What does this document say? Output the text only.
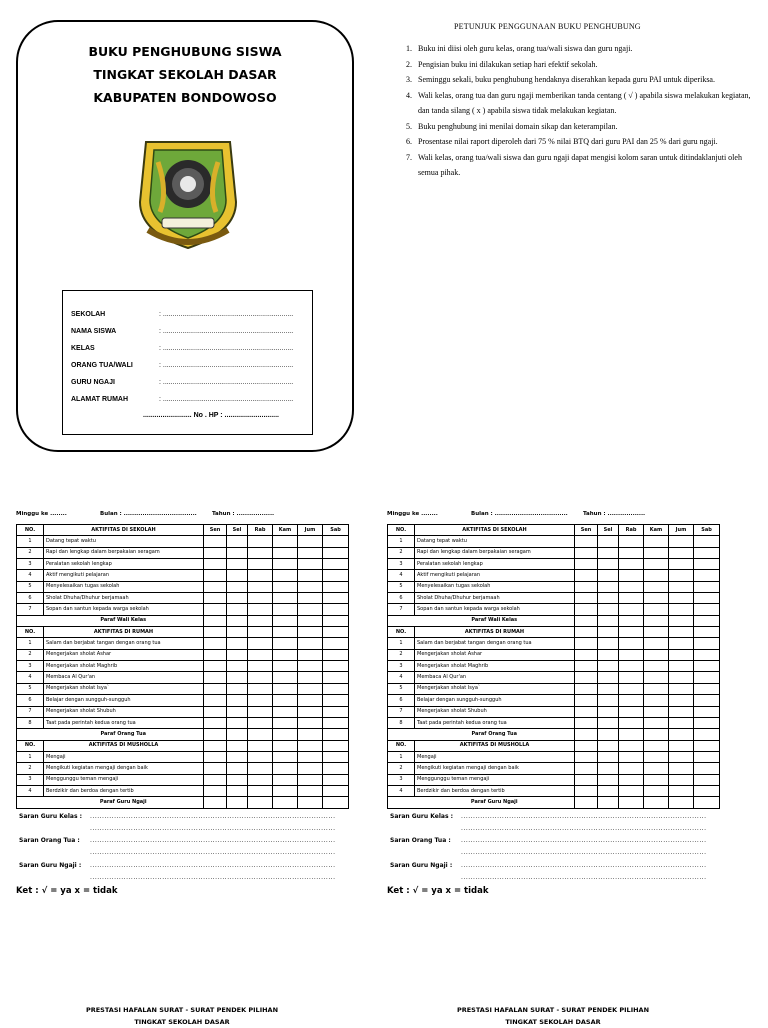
BUKU PENGHUBUNG SISWA
TINGKAT SEKOLAH DASAR
KABUPATEN BONDOWOSO
SEKOLAH	: ...................................................................
NAMA SISWA	: ...................................................................
KELAS	: ...................................................................
ORANG TUA/WALI	: ...................................................................
GURU NGAJI	: ...................................................................
ALAMAT RUMAH	: ...................................................................
......................... No . HP : ............................
PETUNJUK PENGGUNAAN BUKU PENGHUBUNG
1. Buku ini diisi oleh guru kelas, orang tua/wali siswa dan guru ngaji.
2. Pengisian buku ini dilakukan setiap hari efektif sekolah.
3. Seminggu sekali, buku penghubung hendaknya diserahkan kepada guru PAI untuk diperiksa.
4. Wali kelas, orang tua dan guru ngaji memberikan tanda centang ( √ ) apabila siswa melakukan kegiatan, dan tanda silang ( x ) apabila siswa tidak melakukan kegiatan.
5. Buku penghubung ini menilai domain sikap dan keterampilan.
6. Prosentase nilai raport diperoleh dari 75 % nilai BTQ dari guru PAI dan 25 % dari guru ngaji.
7. Wali kelas, orang tua/wali siswa dan guru ngaji dapat mengisi kolom saran untuk ditindaklanjuti oleh semua pihak.
Minggu ke ........	Bulan : ...................................	Tahun : ..................
NO.	AKTIFITAS DI SEKOLAH	Sen	Sel	Rab	Kam	Jum	Sab
1	Datang tepat waktu						
2	Rapi dan lengkap dalam berpakaian seragam						
3	Peralatan sekolah lengkap						
4	Aktif mengikuti pelajaran						
5	Menyelesaikan tugas sekolah						
6	Sholat Dhuha/Dhuhur berjamaah						
7	Sopan dan santun kepada warga sekolah						
	Paraf Wali Kelas						
NO.	AKTIFITAS DI RUMAH						
1	Salam dan berjabat tangan dengan orang tua						
2	Mengerjakan sholat Ashar						
3	Mengerjakan sholat Maghrib						
4	Membaca Al Qur'an						
5	Mengerjakan sholat Isya`						
6	Belajar dengan sungguh-sungguh						
7	Mengerjakan sholat Shubuh						
8	Taat pada perintah kedua orang tua						
	Paraf Orang Tua						
NO.	AKTIFITAS DI MUSHOLLA						
1	Mengaji						
2	Mengikuti kegiatan mengaji dengan baik						
3	Menggunggu teman mengaji						
4	Berdzikir dan berdoa dengan tertib						
	Paraf Guru Ngaji						
Saran Guru Kelas : ......................................................................................................
......................................................................................................
Saran Orang Tua : ......................................................................................................
......................................................................................................
Saran Guru Ngaji : ......................................................................................................
......................................................................................................
Ket : √ = ya x = tidak
Minggu ke ........	Bulan : ...................................	Tahun : ..................
NO.	AKTIFITAS DI SEKOLAH	Sen	Sel	Rab	Kam	Jum	Sab
1	Datang tepat waktu						
2	Rapi dan lengkap dalam berpakaian seragam						
3	Peralatan sekolah lengkap						
4	Aktif mengikuti pelajaran						
5	Menyelesaikan tugas sekolah						
6	Sholat Dhuha/Dhuhur berjamaah						
7	Sopan dan santun kepada warga sekolah						
	Paraf Wali Kelas						
NO.	AKTIFITAS DI RUMAH						
1	Salam dan berjabat tangan dengan orang tua						
2	Mengerjakan sholat Ashar						
3	Mengerjakan sholat Maghrib						
4	Membaca Al Qur'an						
5	Mengerjakan sholat Isya`						
6	Belajar dengan sungguh-sungguh						
7	Mengerjakan sholat Shubuh						
8	Taat pada perintah kedua orang tua						
	Paraf Orang Tua						
NO.	AKTIFITAS DI MUSHOLLA						
1	Mengaji						
2	Mengikuti kegiatan mengaji dengan baik						
3	Menggunggu teman mengaji						
4	Berdzikir dan berdoa dengan tertib						
	Paraf Guru Ngaji						
Saran Guru Kelas : ......................................................................................................
......................................................................................................
Saran Orang Tua : ......................................................................................................
......................................................................................................
Saran Guru Ngaji : ......................................................................................................
......................................................................................................
Ket : √ = ya x = tidak
PRESTASI HAFALAN SURAT - SURAT PENDEK PILIHAN
TINGKAT SEKOLAH DASAR
PRESTASI HAFALAN SURAT - SURAT PENDEK PILIHAN
TINGKAT SEKOLAH DASAR
